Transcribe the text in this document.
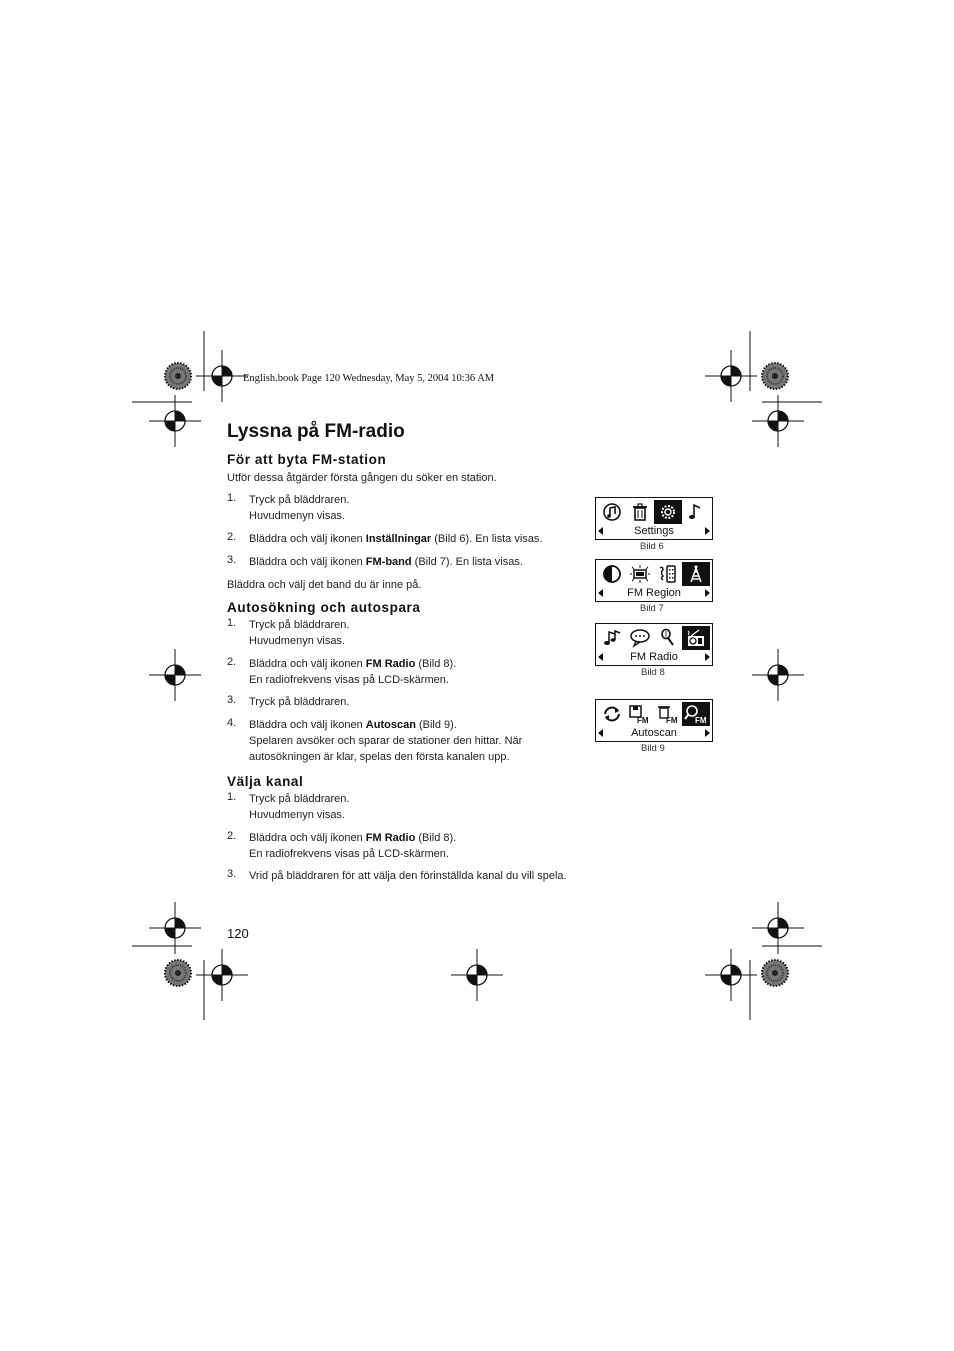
English.book Page 120 Wednesday, May 5, 2004 10:36 AM
Lyssna på FM-radio
För att byta FM-station
Utför dessa åtgärder första gången du söker en station.
1. Tryck på bläddraren.
Huvudmenyn visas.
2. Bläddra och välj ikonen Inställningar (Bild 6). En lista visas.
3. Bläddra och välj ikonen FM-band (Bild 7). En lista visas.
Bläddra och välj det band du är inne på.
Autosökning och autospara
1. Tryck på bläddraren.
Huvudmenyn visas.
2. Bläddra och välj ikonen FM Radio (Bild 8).
En radiofrekvens visas på LCD-skärmen.
3. Tryck på bläddraren.
4. Bläddra och välj ikonen Autoscan (Bild 9).
Spelaren avsöker och sparar de stationer den hittar. När
autosökningen är klar, spelas den första kanalen upp.
Välja kanal
1. Tryck på bläddraren.
Huvudmenyn visas.
2. Bläddra och välj ikonen FM Radio (Bild 8).
En radiofrekvens visas på LCD-skärmen.
3. Vrid på bläddraren för att välja den förinställda kanal du vill spela.
Settings
Bild 6
FM Region
Bild 7
FM Radio
Bild 8
FM FM FM
Autoscan
Bild 9
120
